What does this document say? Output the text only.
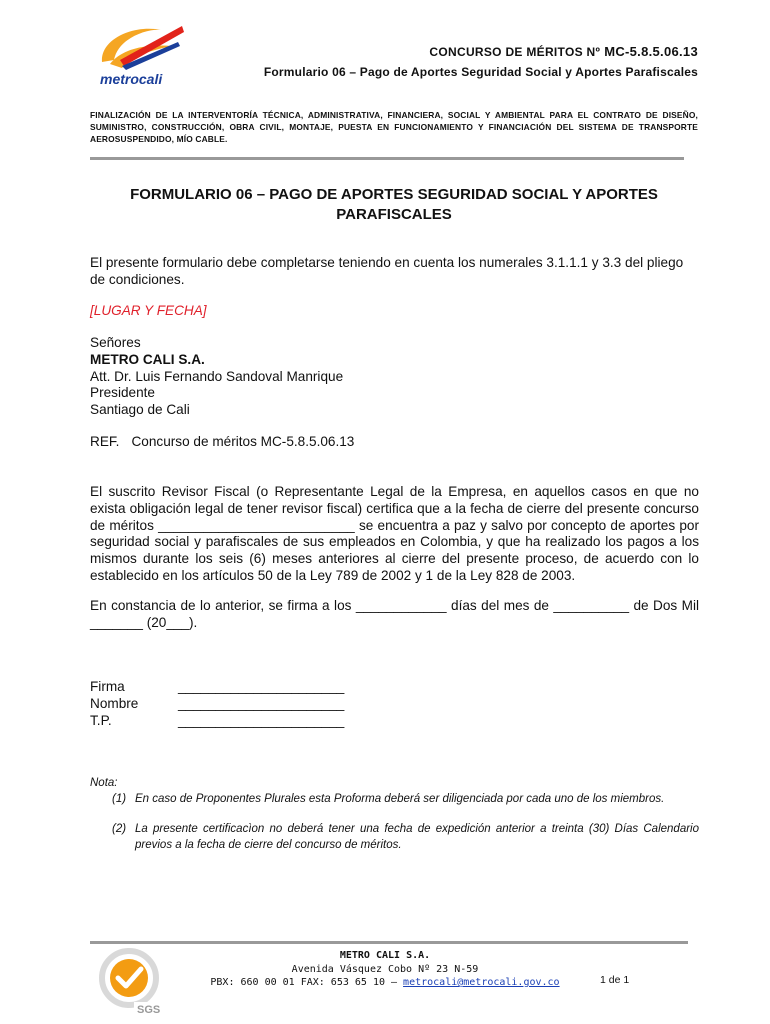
metrocali
CONCURSO DE MÉRITOS Nº MC-5.8.5.06.13
Formulario 06 – Pago de Aportes Seguridad Social y Aportes Parafiscales
FINALIZACIÓN DE LA INTERVENTORÍA TÉCNICA, ADMINISTRATIVA, FINANCIERA, SOCIAL Y AMBIENTAL PARA EL CONTRATO DE DISEÑO, SUMINISTRO, CONSTRUCCIÓN, OBRA CIVIL, MONTAJE, PUESTA EN FUNCIONAMIENTO Y FINANCIACIÓN DEL SISTEMA DE TRANSPORTE AEROSUSPENDIDO, MÍO CABLE.
FORMULARIO 06 – PAGO DE APORTES SEGURIDAD SOCIAL Y APORTES PARAFISCALES
El presente formulario debe completarse teniendo en cuenta los numerales 3.1.1.1 y 3.3 del pliego de condiciones.
[LUGAR Y FECHA]
Señores
METRO CALI S.A.
Att. Dr. Luis Fernando Sandoval Manrique
Presidente
Santiago de Cali
REF. Concurso de méritos MC-5.8.5.06.13
El suscrito Revisor Fiscal (o Representante Legal de la Empresa, en aquellos casos en que no exista obligación legal de tener revisor fiscal) certifica que a la fecha de cierre del presente concurso de méritos __________________________ se encuentra a paz y salvo por concepto de aportes por seguridad social y parafiscales de sus empleados en Colombia, y que ha realizado los pagos a los mismos durante los seis (6) meses anteriores al cierre del presente proceso, de acuerdo con lo establecido en los artículos 50 de la Ley 789 de 2002 y 1 de la Ley 828 de 2003.
En constancia de lo anterior, se firma a los ____________ días del mes de __________ de Dos Mil _______ (20___).
Firma	______________________
Nombre	______________________
T.P.	______________________
Nota:
(1) En caso de Proponentes Plurales esta Proforma deberá ser diligenciada por cada uno de los miembros.
(2) La presente certificacìon no deberá tener una fecha de expedición anterior a treinta (30) Días Calendario previos a la fecha de cierre del concurso de méritos.
SGS
METRO CALI S.A.
Avenida Vásquez Cobo Nº 23 N-59
PBX: 660 00 01 FAX: 653 65 10 – metrocali@metrocali.gov.co	1 de 1
